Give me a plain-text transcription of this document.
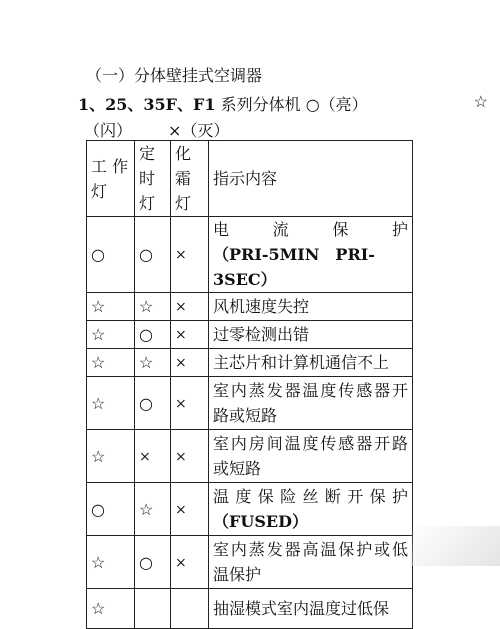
（一）分体壁挂式空调器
1、25、35F、F1 系列分体机 ○（亮）	☆
（闪） ×（灭）
工 作灯	定时灯	化 霜灯	指示内容
○	○	×	电　流　保　护
（PRI-5MIN　PRI-3SEC）

☆	☆	×	风机速度失控

☆	○	×	过零检测出错

☆	☆	×	主芯片和计算机通信不上

☆	○	×	室内蒸发器温度传感器开
路或短路

☆	×	×	室内房间温度传感器开路
或短路

○	☆	×	温度保险丝断开保护
（FUSED）

☆	○	×	室内蒸发器高温保护或低
温保护

☆			抽湿模式室内温度过低保
